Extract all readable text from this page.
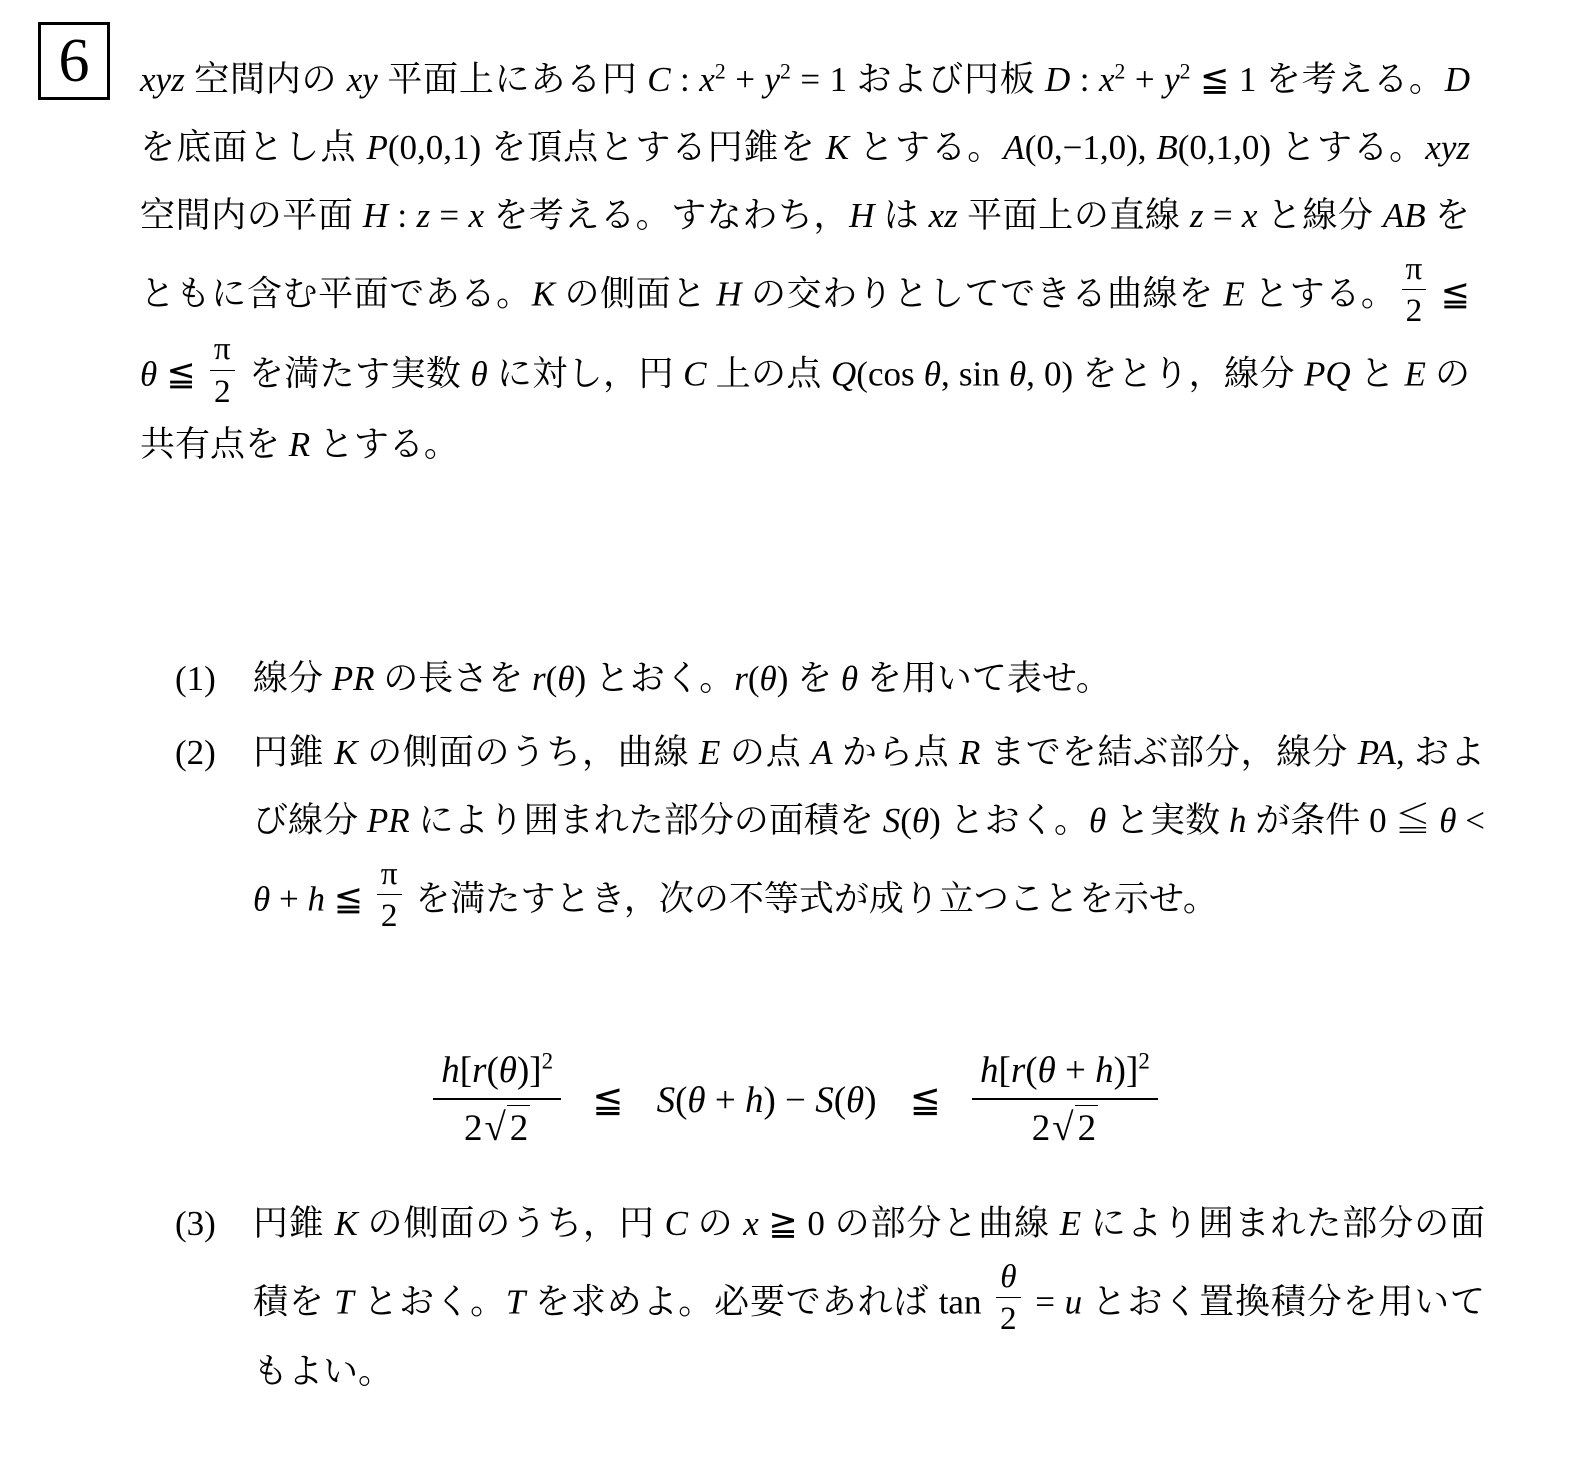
6	xyz 空間内の xy 平面上にある円 C : $x^2 + y^2 = 1$ および円板 D : $x^2 + y^2$ ≦ 1 を考える。D を底面とし点 P(0,0,1) を頂点とする円錐を K とする。A(0,−1,0), B(0,1,0) とする。xyz 空間内の平面 H : z = x を考える。すなわち，H は xz 平面上の直線 z = x と線分 AB をともに含む平面である。K の側面と H の交わりとしてできる曲線を E とする。 $\frac{\pi}{2}$ ≦ θ ≦ $\frac{\pi}{2}$ を満たす実数 θ に対し，円 C 上の点 Q(cos θ, sin θ, 0) をとり，線分 PQ と E の共有点を R とする。
(1)	線分 PR の長さを r(θ) とおく。r(θ) を θ を用いて表せ。
(2)	円錐 K の側面のうち，曲線 E の点 A から点 R までを結ぶ部分，線分 PA, および線分 PR により囲まれた部分の面積を S(θ) とおく。θ と実数 h が条件 0 ≦ θ < θ + h ≦ $\frac{\pi}{2}$ を満たすとき，次の不等式が成り立つことを示せ。
$\frac{h[r(\theta)]^2}{2√ 2}$ ≦ S(θ + h) − S(θ) ≦ $\frac{h[r(\theta + h)]^2}{2√ 2}$
(3)	円錐 K の側面のうち，円 C の x ≧ 0 の部分と曲線 E により囲まれた部分の面積を T とおく。T を求めよ。必要であれば $\tan \frac{\theta}{2} = u$ とおく置換積分を用いてもよい。
